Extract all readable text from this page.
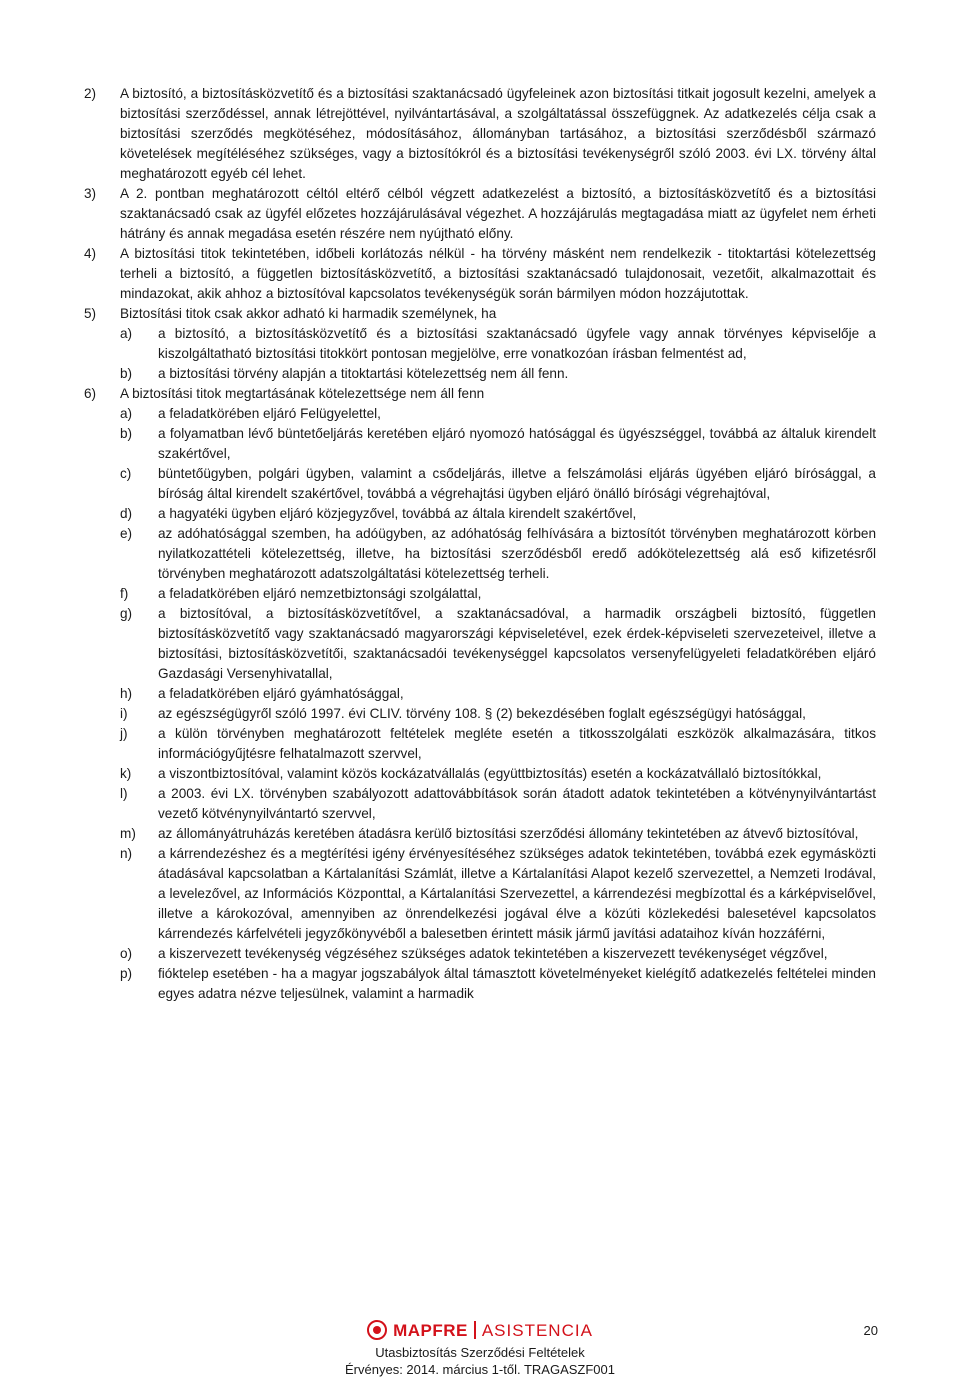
2) A biztosító, a biztosításközvetítő és a biztosítási szaktanácsadó ügyfeleinek azon biztosítási titkait jogosult kezelni, amelyek a biztosítási szerződéssel, annak létrejöttével, nyilvántartásával, a szolgáltatással összefüggnek. Az adatkezelés célja csak a biztosítási szerződés megkötéséhez, módosításához, állományban tartásához, a biztosítási szerződésből származó követelések megítéléséhez szükséges, vagy a biztosítókról és a biztosítási tevékenységről szóló 2003. évi LX. törvény által meghatározott egyéb cél lehet.
3) A 2. pontban meghatározott céltól eltérő célból végzett adatkezelést a biztosító, a biztosításközvetítő és a biztosítási szaktanácsadó csak az ügyfél előzetes hozzájárulásával végezhet. A hozzájárulás megtagadása miatt az ügyfelet nem érheti hátrány és annak megadása esetén részére nem nyújtható előny.
4) A biztosítási titok tekintetében, időbeli korlátozás nélkül - ha törvény másként nem rendelkezik - titoktartási kötelezettség terheli a biztosító, a független biztosításközvetítő, a biztosítási szaktanácsadó tulajdonosait, vezetőit, alkalmazottait és mindazokat, akik ahhoz a biztosítóval kapcsolatos tevékenységük során bármilyen módon hozzájutottak.
5) Biztosítási titok csak akkor adható ki harmadik személynek, ha
a) a biztosító, a biztosításközvetítő és a biztosítási szaktanácsadó ügyfele vagy annak törvényes képviselője a kiszolgáltatható biztosítási titokkört pontosan megjelölve, erre vonatkozóan írásban felmentést ad,
b) a biztosítási törvény alapján a titoktartási kötelezettség nem áll fenn.
6) A biztosítási titok megtartásának kötelezettsége nem áll fenn
a) a feladatkörében eljáró Felügyelettel,
b) a folyamatban lévő büntetőeljárás keretében eljáró nyomozó hatósággal és ügyészséggel, továbbá az általuk kirendelt szakértővel,
c) büntetőügyben, polgári ügyben, valamint a csődeljárás, illetve a felszámolási eljárás ügyében eljáró bírósággal, a bíróság által kirendelt szakértővel, továbbá a végrehajtási ügyben eljáró önálló bírósági végrehajtóval,
d) a hagyatéki ügyben eljáró közjegyzővel, továbbá az általa kirendelt szakértővel,
e) az adóhatósággal szemben, ha adóügyben, az adóhatóság felhívására a biztosítót törvényben meghatározott körben nyilatkozattételi kötelezettség, illetve, ha biztosítási szerződésből eredő adókötelezettség alá eső kifizetésről törvényben meghatározott adatszolgáltatási kötelezettség terheli.
f) a feladatkörében eljáró nemzetbiztonsági szolgálattal,
g) a biztosítóval, a biztosításközvetítővel, a szaktanácsadóval, a harmadik országbeli biztosító, független biztosításközvetítő vagy szaktanácsadó magyarországi képviseletével, ezek érdek-képviseleti szervezeteivel, illetve a biztosítási, biztosításközvetítői, szaktanácsadói tevékenységgel kapcsolatos versenyfelügyeleti feladatkörében eljáró Gazdasági Versenyhivatallal,
h) a feladatkörében eljáró gyámhatósággal,
i) az egészségügyről szóló 1997. évi CLIV. törvény 108. § (2) bekezdésében foglalt egészségügyi hatósággal,
j) a külön törvényben meghatározott feltételek megléte esetén a titkosszolgálati eszközök alkalmazására, titkos információgyűjtésre felhatalmazott szervvel,
k) a viszontbiztosítóval, valamint közös kockázatvállalás (együttbiztosítás) esetén a kockázatvállaló biztosítókkal,
l) a 2003. évi LX. törvényben szabályozott adattovábbítások során átadott adatok tekintetében a kötvénynyilvántartást vezető kötvénynyilvántartó szervvel,
m) az állományátruházás keretében átadásra kerülő biztosítási szerződési állomány tekintetében az átvevő biztosítóval,
n) a kárrendezéshez és a megtérítési igény érvényesítéséhez szükséges adatok tekintetében, továbbá ezek egymásközti átadásával kapcsolatban a Kártalanítási Számlát, illetve a Kártalanítási Alapot kezelő szervezettel, a Nemzeti Irodával, a levelezővel, az Információs Központtal, a Kártalanítási Szervezettel, a kárrendezési megbízottal és a kárképviselővel, illetve a károkozóval, amennyiben az önrendelkezési jogával élve a közúti közlekedési balesetével kapcsolatos kárrendezés kárfelvételi jegyzőkönyvéből a balesetben érintett másik jármű javítási adataihoz kíván hozzáférni,
o) a kiszervezett tevékenység végzéséhez szükséges adatok tekintetében a kiszervezett tevékenységet végzővel,
p) fióktelep esetében - ha a magyar jogszabályok által támasztott követelményeket kielégítő adatkezelés feltételei minden egyes adatra nézve teljesülnek, valamint a harmadik
MAPFRE ASISTENCIA
Utasbiztosítás Szerződési Feltételek
Érvényes: 2014. március 1-től. TRAGASZF001
20
